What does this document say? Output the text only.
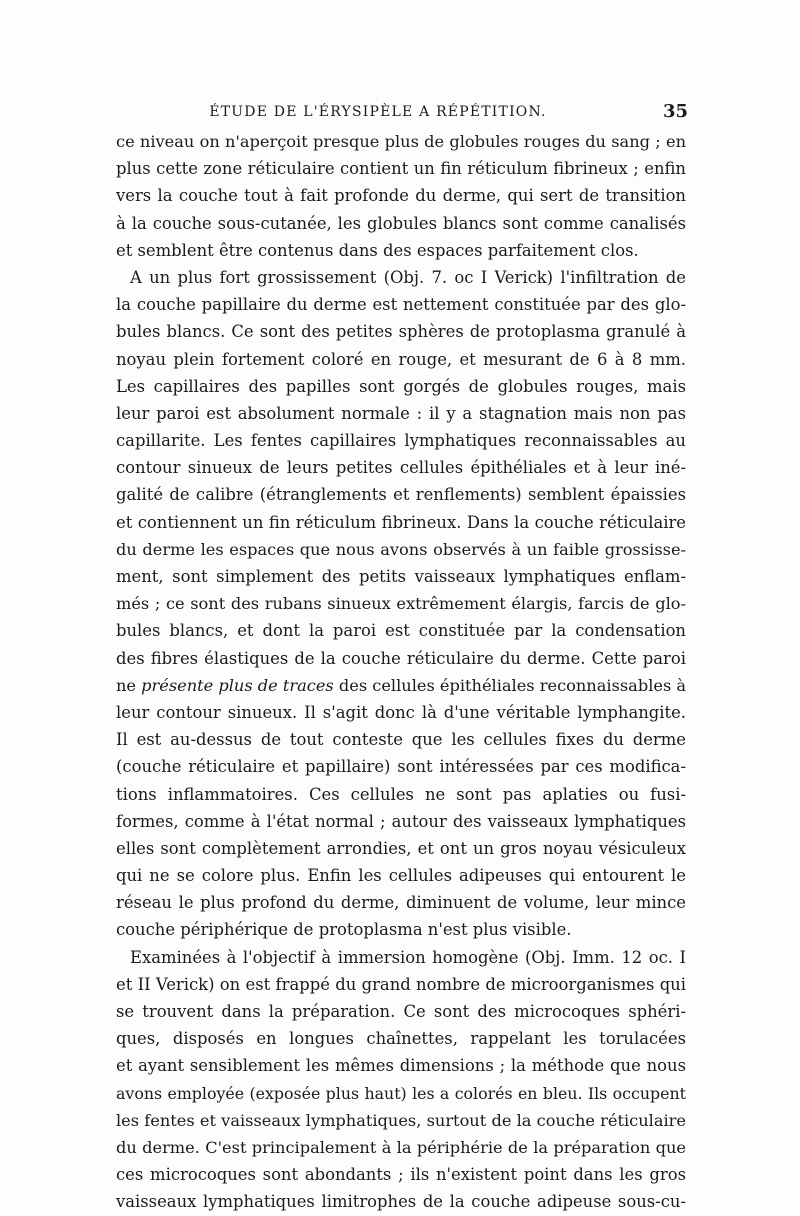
ÉTUDE DE L'ÉRYSIPÈLE A RÉPÉTITION.	35
ce niveau on n'aperçoit presque plus de globules rouges du sang ; en
plus cette zone réticulaire contient un fin réticulum fibrineux ; enfin
vers la couche tout à fait profonde du derme, qui sert de transition
à la couche sous-cutanée, les globules blancs sont comme canalisés
et semblent être contenus dans des espaces parfaitement clos.
A un plus fort grossissement (Obj. 7. oc I Verick) l'infiltration de
la couche papillaire du derme est nettement constituée par des glo-
bules blancs. Ce sont des petites sphères de protoplasma granulé à
noyau plein fortement coloré en rouge, et mesurant de 6 à 8 mm.
Les capillaires des papilles sont gorgés de globules rouges, mais
leur paroi est absolument normale : il y a stagnation mais non pas
capillarite. Les fentes capillaires lymphatiques reconnaissables au
contour sinueux de leurs petites cellules épithéliales et à leur iné-
galité de calibre (étranglements et renflements) semblent épaissies
et contiennent un fin réticulum fibrineux. Dans la couche réticulaire
du derme les espaces que nous avons observés à un faible grossisse-
ment, sont simplement des petits vaisseaux lymphatiques enflam-
més ; ce sont des rubans sinueux extrêmement élargis, farcis de glo-
bules blancs, et dont la paroi est constituée par la condensation
des fibres élastiques de la couche réticulaire du derme. Cette paroi
ne présente plus de traces des cellules épithéliales reconnaissables à
leur contour sinueux. Il s'agit donc là d'une véritable lymphangite.
Il est au-dessus de tout conteste que les cellules fixes du derme
(couche réticulaire et papillaire) sont intéressées par ces modifica-
tions inflammatoires. Ces cellules ne sont pas aplaties ou fusi-
formes, comme à l'état normal ; autour des vaisseaux lymphatiques
elles sont complètement arrondies, et ont un gros noyau vésiculeux
qui ne se colore plus. Enfin les cellules adipeuses qui entourent le
réseau le plus profond du derme, diminuent de volume, leur mince
couche périphérique de protoplasma n'est plus visible.
Examinées à l'objectif à immersion homogène (Obj. Imm. 12 oc. I
et II Verick) on est frappé du grand nombre de microorganismes qui
se trouvent dans la préparation. Ce sont des microcoques sphéri-
ques, disposés en longues chaînettes, rappelant les torulacées
et ayant sensiblement les mêmes dimensions ; la méthode que nous
avons employée (exposée plus haut) les a colorés en bleu. Ils occupent
les fentes et vaisseaux lymphatiques, surtout de la couche réticulaire
du derme. C'est principalement à la périphérie de la préparation que
ces microcoques sont abondants ; ils n'existent point dans les gros
vaisseaux lymphatiques limitrophes de la couche adipeuse sous-cu-
